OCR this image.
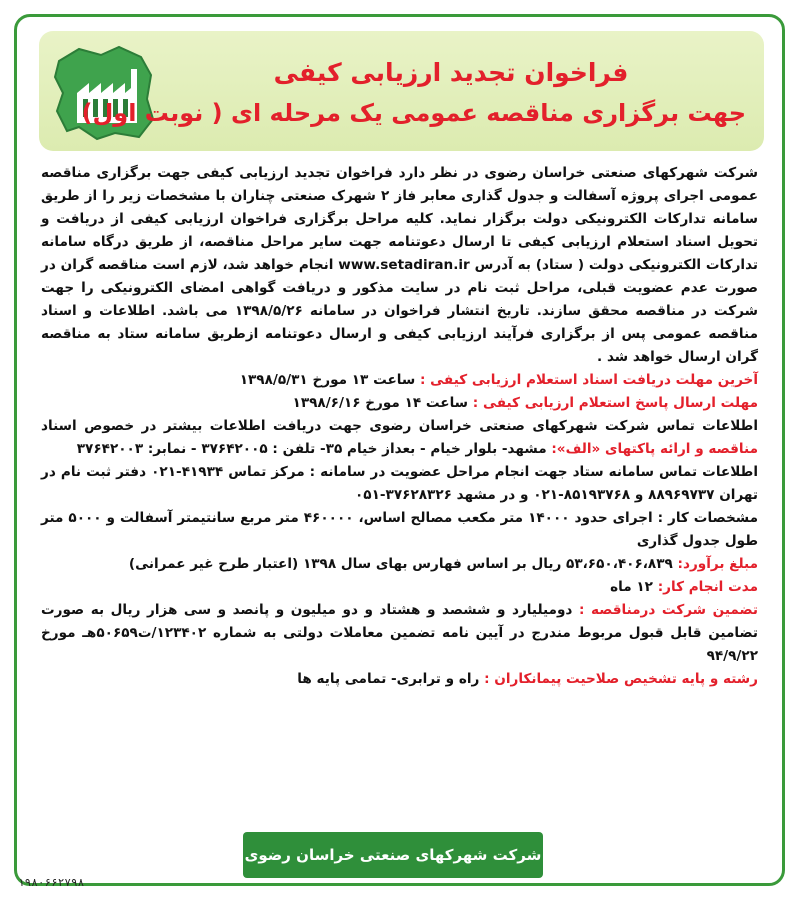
فراخوان تجدید ارزیابی کیفی
جهت برگزاری مناقصه عمومی یک مرحله ای ( نوبت اول)

شرکت شهرکهای صنعتی خراسان رضوی در نظر دارد فراخوان تجدید ارزیابی کیفی جهت برگزاری مناقصه عمومی اجرای پروژه آسفالت و جدول گذاری معابر فاز ۲ شهرک صنعتی چناران با مشخصات زیر را از طریق سامانه تدارکات الکترونیکی دولت برگزار نماید. کلیه مراحل برگزاری فراخوان ارزیابی کیفی از دریافت و تحویل اسناد استعلام ارزیابی کیفی تا ارسال دعوتنامه جهت سایر مراحل مناقصه، از طریق درگاه سامانه تدارکات الکترونیکی دولت ( ستاد) به آدرس www.setadiran.ir انجام خواهد شد، لازم است مناقصه گران در صورت عدم عضویت قبلی، مراحل ثبت نام در سایت مذکور و دریافت گواهی امضای الکترونیکی را جهت شرکت در مناقصه محقق سازند. تاریخ انتشار فراخوان در سامانه ۱۳۹۸/۵/۲۶ می باشد. اطلاعات و اسناد مناقصه عمومی پس از برگزاری فرآیند ارزیابی کیفی و ارسال دعوتنامه ازطریق سامانه ستاد به مناقصه گران ارسال خواهد شد .

آخرین مهلت دریافت اسناد استعلام ارزیابی کیفی : ساعت ۱۳ مورخ ۱۳۹۸/۵/۳۱

مهلت ارسال پاسخ استعلام ارزیابی کیفی : ساعت ۱۴ مورخ ۱۳۹۸/۶/۱۶

اطلاعات تماس شرکت شهرکهای صنعتی خراسان رضوی جهت دریافت اطلاعات بیشتر در خصوص اسناد مناقصه و ارائه پاکتهای «الف»: مشهد- بلوار خیام - بعداز خیام ۳۵- تلفن : ۳۷۶۴۲۰۰۵ - نمابر: ۳۷۶۴۲۰۰۳

اطلاعات تماس سامانه ستاد جهت انجام مراحل عضویت در سامانه : مرکز تماس ۴۱۹۳۴-۰۲۱ دفتر ثبت نام در تهران ۸۸۹۶۹۷۳۷ و ۸۵۱۹۳۷۶۸-۰۲۱ و در مشهد ۳۷۶۲۸۳۲۶-۰۵۱

مشخصات کار : اجرای حدود ۱۴۰۰۰ متر مکعب مصالح اساس، ۴۶۰۰۰۰ متر مربع سانتیمتر آسفالت و ۵۰۰۰ متر طول جدول گذاری

مبلغ برآورد: ۵۳،۶۵۰،۴۰۶،۸۳۹ ریال بر اساس فهارس بهای سال ۱۳۹۸ (اعتبار طرح غیر عمرانی)

مدت انجام کار: ۱۲ ماه

تضمین شرکت درمناقصه : دومیلیارد و ششصد و هشتاد و دو میلیون و پانصد و سی هزار ریال به صورت تضامین قابل قبول مربوط مندرج در آیین نامه تضمین معاملات دولتی به شماره ۱۲۳۴۰۲/ت۵۰۶۵۹هـ مورخ ۹۴/۹/۲۲

رشته و پایه تشخیص صلاحیت پیمانکاران : راه و ترابری- تمامی پایه ها

شرکت شهرکهای صنعتی خراسان رضوی
۱۹۸۰۶۶۲۷۹۸
